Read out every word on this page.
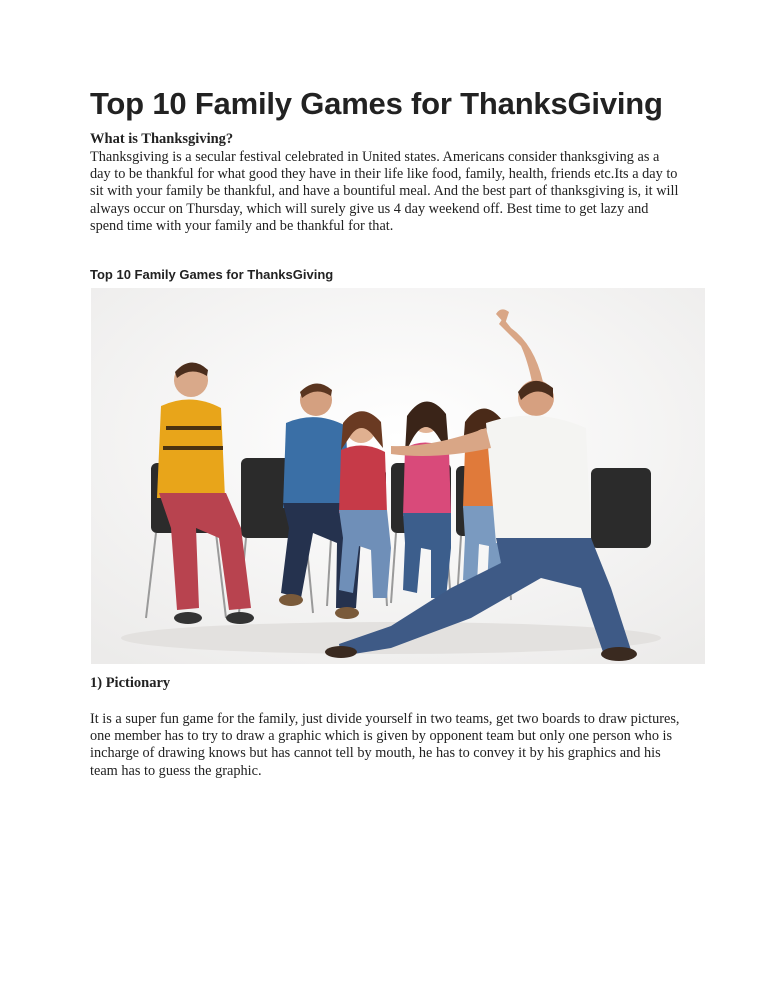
Top 10 Family Games for ThanksGiving
What is Thanksgiving?

Thanksgiving is a secular festival celebrated in United states. Americans consider thanksgiving as a day to be thankful for what good they have in their life like food, family, health, friends etc.Its a day to sit with your family be thankful, and have a bountiful meal. And the best part of thanksgiving is, it will always occur on Thursday, which will surely give us 4 day weekend off. Best time to get lazy and spend time with your family and be thankful for that.

Top 10 Family Games for ThanksGiving
1) Pictionary

It is a super fun game for the family, just divide yourself in two teams, get two boards to draw pictures, one member has to try to draw a graphic which is given by opponent team but only one person who is incharge of drawing knows but has cannot tell by mouth, he has to convey it by his graphics and his team has to guess the graphic.
